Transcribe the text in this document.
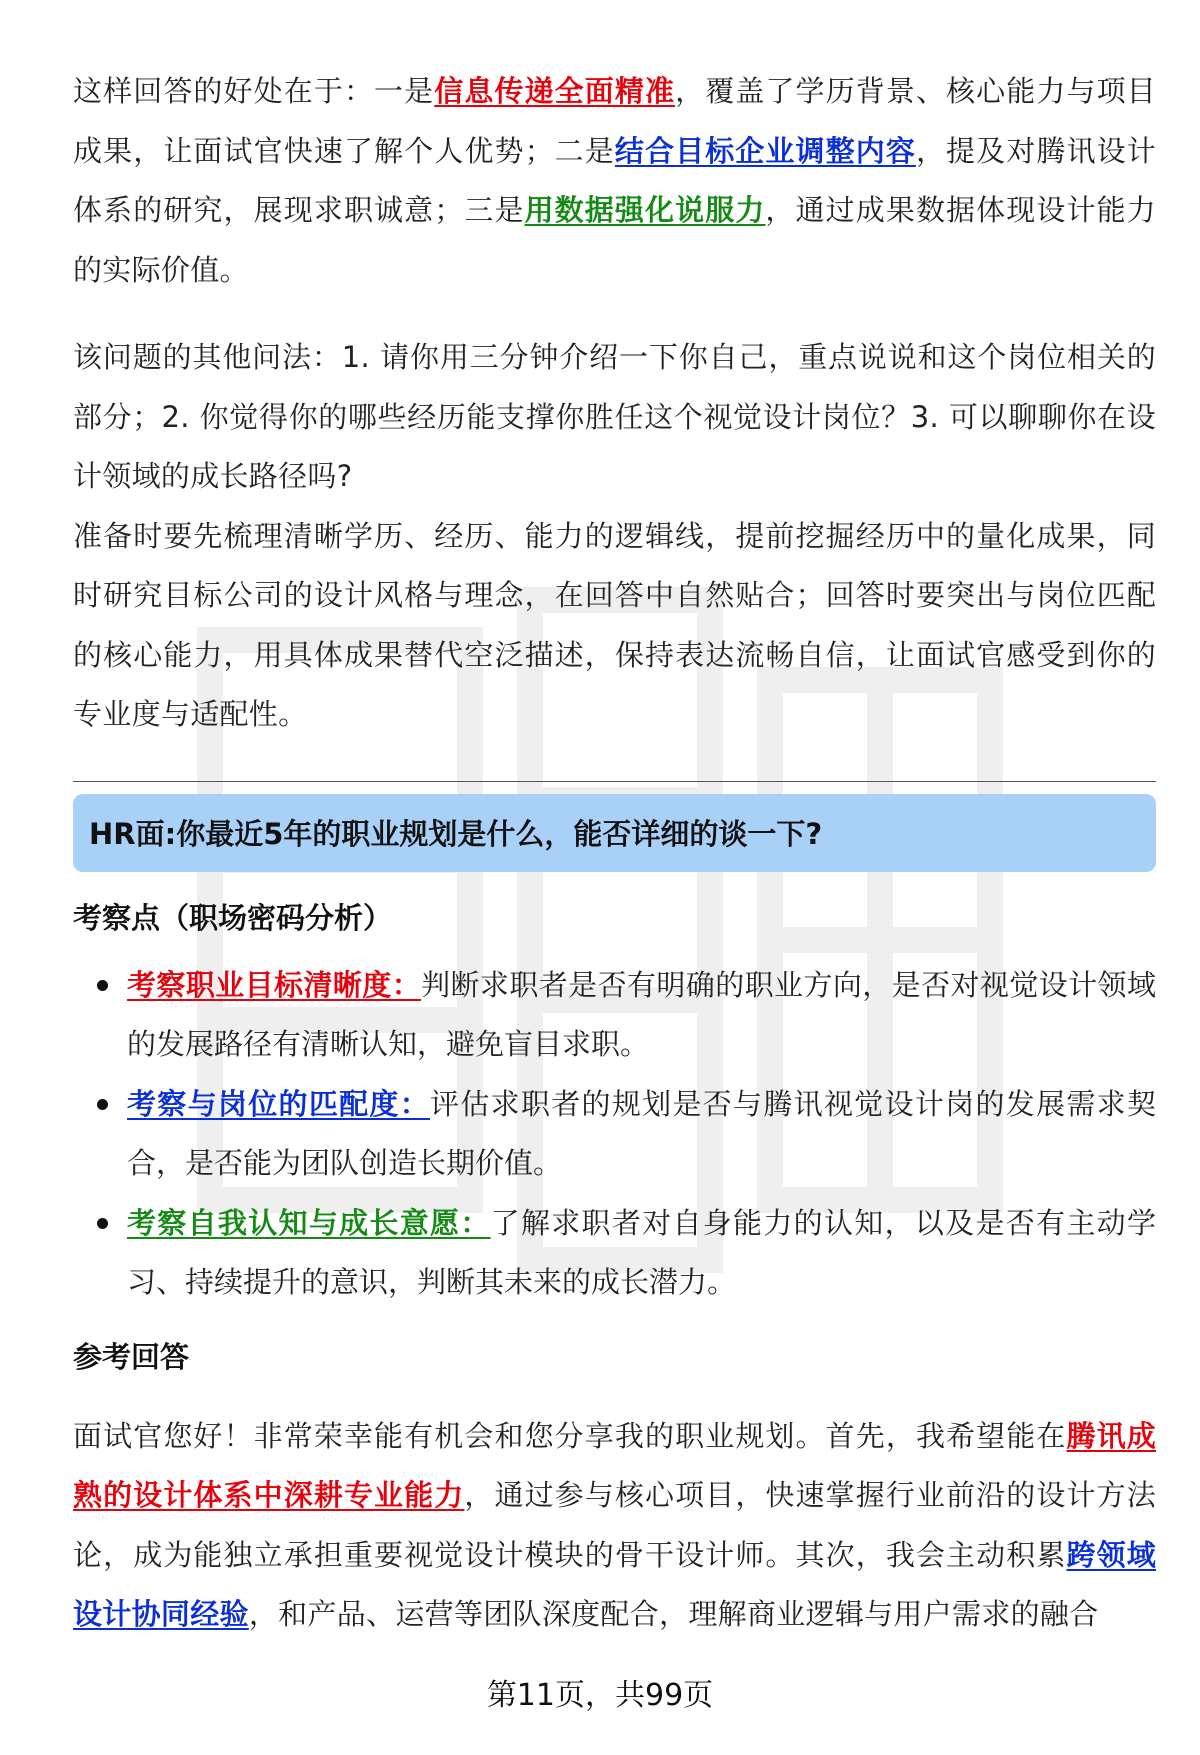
这样回答的好处在于：一是信息传递全面精准，覆盖了学历背景、核心能力与项目成果，让面试官快速了解个人优势；二是结合目标企业调整内容，提及对腾讯设计体系的研究，展现求职诚意；三是用数据强化说服力，通过成果数据体现设计能力的实际价值。

该问题的其他问法：1. 请你用三分钟介绍一下你自己，重点说说和这个岗位相关的部分；2. 你觉得你的哪些经历能支撑你胜任这个视觉设计岗位？3. 可以聊聊你在设计领域的成长路径吗?

准备时要先梳理清晰学历、经历、能力的逻辑线，提前挖掘经历中的量化成果，同时研究目标公司的设计风格与理念，在回答中自然贴合；回答时要突出与岗位匹配的核心能力，用具体成果替代空泛描述，保持表达流畅自信，让面试官感受到你的专业度与适配性。

HR面:你最近5年的职业规划是什么，能否详细的谈一下?
考察点（职场密码分析）
考察职业目标清晰度：判断求职者是否有明确的职业方向，是否对视觉设计领域的发展路径有清晰认知，避免盲目求职。
考察与岗位的匹配度：评估求职者的规划是否与腾讯视觉设计岗的发展需求契合，是否能为团队创造长期价值。
考察自我认知与成长意愿：了解求职者对自身能力的认知，以及是否有主动学习、持续提升的意识，判断其未来的成长潜力。
参考回答

面试官您好！非常荣幸能有机会和您分享我的职业规划。首先，我希望能在腾讯成熟的设计体系中深耕专业能力，通过参与核心项目，快速掌握行业前沿的设计方法论，成为能独立承担重要视觉设计模块的骨干设计师。其次，我会主动积累跨领域设计协同经验，和产品、运营等团队深度配合，理解商业逻辑与用户需求的融合

第11页，共99页
